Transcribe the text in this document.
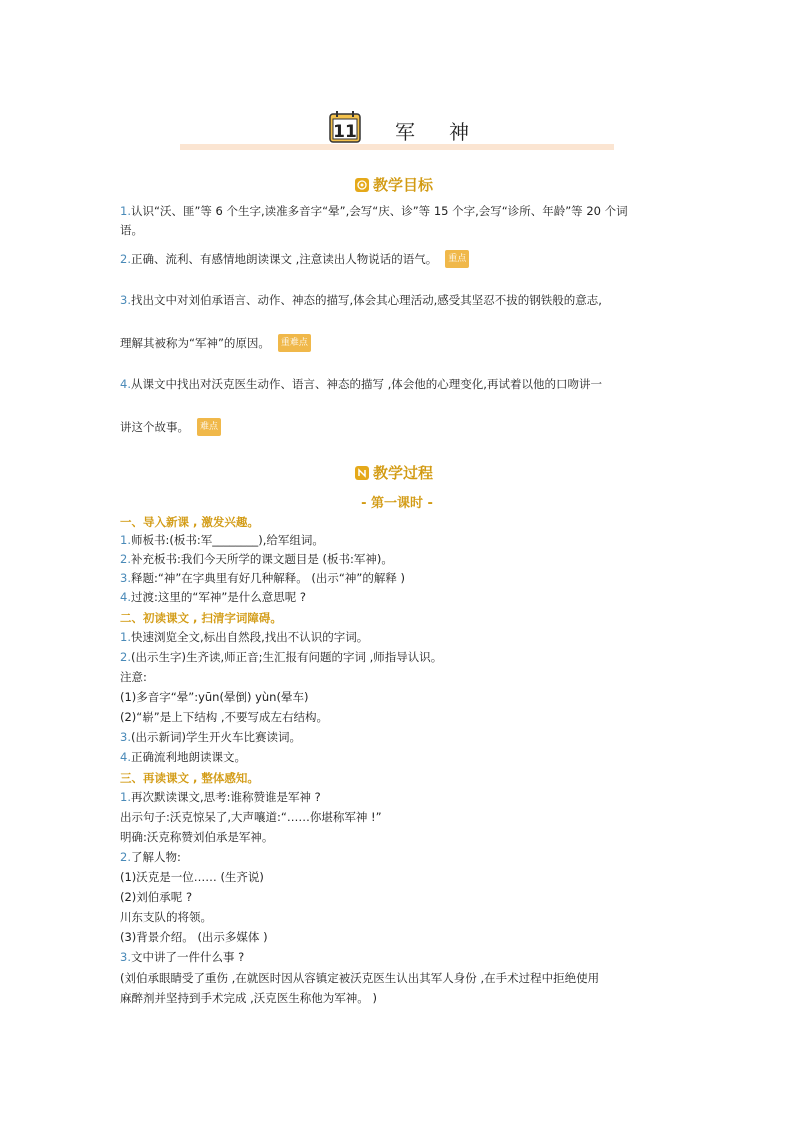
11 军神
教学目标
1.认识“沃、匪”等 6 个生字,读准多音字“晕”,会写“庆、诊”等 15 个字,会写“诊所、年龄”等 20 个词
语。
2.正确、流利、有感情地朗读课文 ,注意读出人物说话的语气。 重点
3.找出文中对刘伯承语言、动作、神态的描写,体会其心理活动,感受其坚忍不拔的钢铁般的意志,
理解其被称为“军神”的原因。 重难点
4.从课文中找出对沃克医生动作、语言、神态的描写 ,体会他的心理变化,再试着以他的口吻讲一
讲这个故事。 难点
教学过程
- 第一课时 -
一、导入新课 , 激发兴趣。
1.师板书:(板书:军________),给军组词。
2.补充板书:我们今天所学的课文题目是 (板书:军神)。
3.释题:“神”在字典里有好几种解释。 (出示“神”的解释 )
4.过渡:这里的“军神”是什么意思呢 ?
二、初读课文 , 扫清字词障碍。
1.快速浏览全文,标出自然段,找出不认识的字词。
2.(出示生字)生齐读,师正音;生汇报有问题的字词 ,师指导认识。
注意:
(1)多音字“晕”:yūn(晕倒) yùn(晕车)
(2)“崭”是上下结构 ,不要写成左右结构。
3.(出示新词)学生开火车比赛读词。
4.正确流利地朗读课文。
三、再读课文 , 整体感知。
1.再次默读课文,思考:谁称赞谁是军神 ?
出示句子:沃克惊呆了,大声嚷道:“……你堪称军神 !”
明确:沃克称赞刘伯承是军神。
2.了解人物:
(1)沃克是一位…… (生齐说)
(2)刘伯承呢 ?
川东支队的将领。
(3)背景介绍。 (出示多媒体 )
3.文中讲了一件什么事 ?
(刘伯承眼睛受了重伤 ,在就医时因从容镇定被沃克医生认出其军人身份 ,在手术过程中拒绝使用
麻醉剂并坚持到手术完成 ,沃克医生称他为军神。 )
